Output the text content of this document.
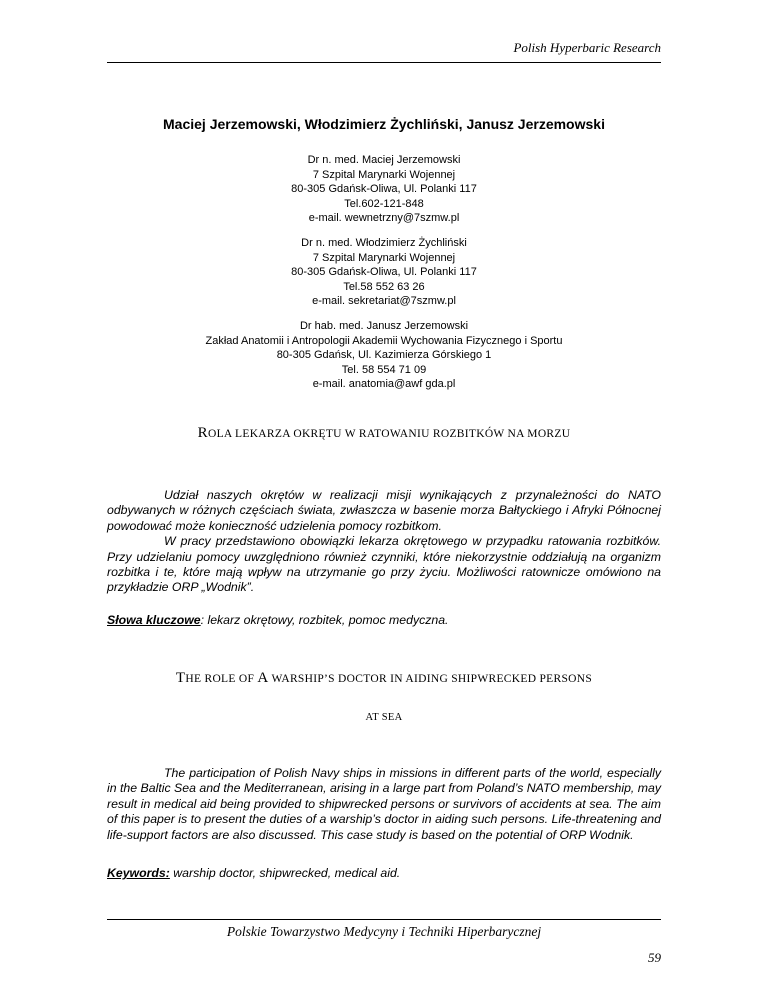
Polish Hyperbaric Research
Maciej Jerzemowski, Włodzimierz Żychliński, Janusz Jerzemowski
Dr n. med. Maciej Jerzemowski
7 Szpital Marynarki Wojennej
80-305 Gdańsk-Oliwa, Ul. Polanki 117
Tel.602-121-848
e-mail. wewnetrzny@7szmw.pl
Dr n. med. Włodzimierz Żychliński
7 Szpital Marynarki Wojennej
80-305 Gdańsk-Oliwa, Ul. Polanki 117
Tel.58 552 63 26
e-mail. sekretariat@7szmw.pl
Dr hab. med. Janusz Jerzemowski
Zakład Anatomii i Antropologii Akademii Wychowania Fizycznego i Sportu
80-305 Gdańsk, Ul. Kazimierza Górskiego 1
Tel. 58 554 71 09
e-mail. anatomia@awf gda.pl
ROLA LEKARZA OKRĘTU W RATOWANIU ROZBITKÓW NA MORZU

Udział naszych okrętów w realizacji misji wynikających z przynależności do NATO odbywanych w różnych częściach świata, zwłaszcza w basenie morza Bałtyckiego i Afryki Północnej powodować może konieczność udzielenia pomocy rozbitkom.

W pracy przedstawiono obowiązki lekarza okrętowego w przypadku ratowania rozbitków. Przy udzielaniu pomocy uwzględniono również czynniki, które niekorzystnie oddziałują na organizm rozbitka i te, które mają wpływ na utrzymanie go przy życiu. Możliwości ratownicze omówiono na przykładzie ORP „Wodnik”.

Słowa kluczowe: lekarz okrętowy, rozbitek, pomoc medyczna.
THE ROLE OF A WARSHIP’S DOCTOR IN AIDING SHIPWRECKED PERSONS
AT SEA

The participation of Polish Navy ships in missions in different parts of the world, especially in the Baltic Sea and the Mediterranean, arising in a large part from Poland’s NATO membership, may result in medical aid being provided to shipwrecked persons or survivors of accidents at sea. The aim of this paper is to present the duties of a warship’s doctor in aiding such persons. Life-threatening and life-support factors are also discussed. This case study is based on the potential of ORP Wodnik.

Keywords: warship doctor, shipwrecked, medical aid.
Polskie Towarzystwo Medycyny i Techniki Hiperbarycznej
59
